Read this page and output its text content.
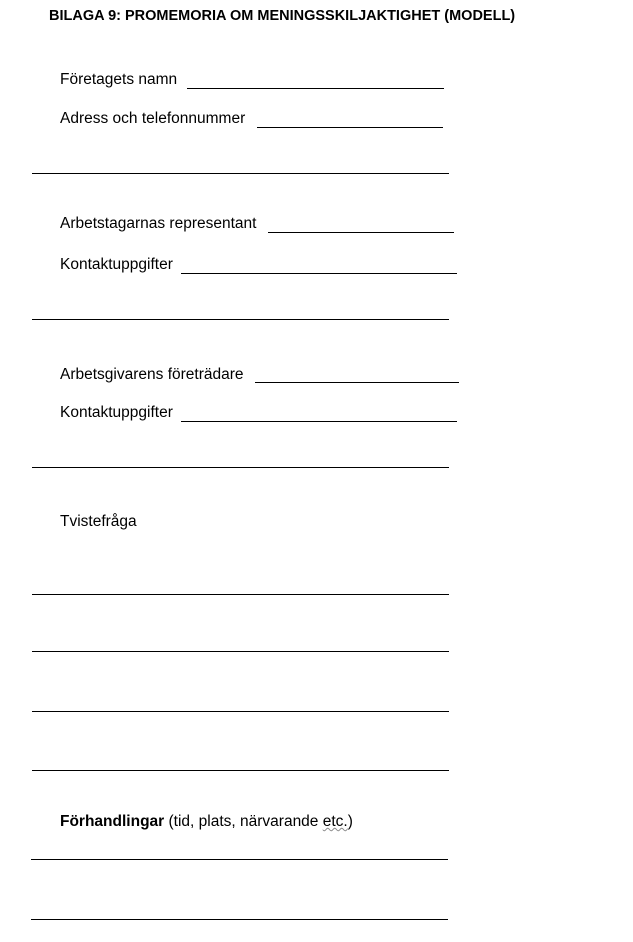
BILAGA 9: PROMEMORIA OM MENINGSSKILJAKTIGHET (MODELL)
Företagets namn
Adress och telefonnummer
Arbetstagarnas representant
Kontaktuppgifter
Arbetsgivarens företrädare
Kontaktuppgifter
Tvistefråga
Förhandlingar (tid, plats, närvarande etc.)
